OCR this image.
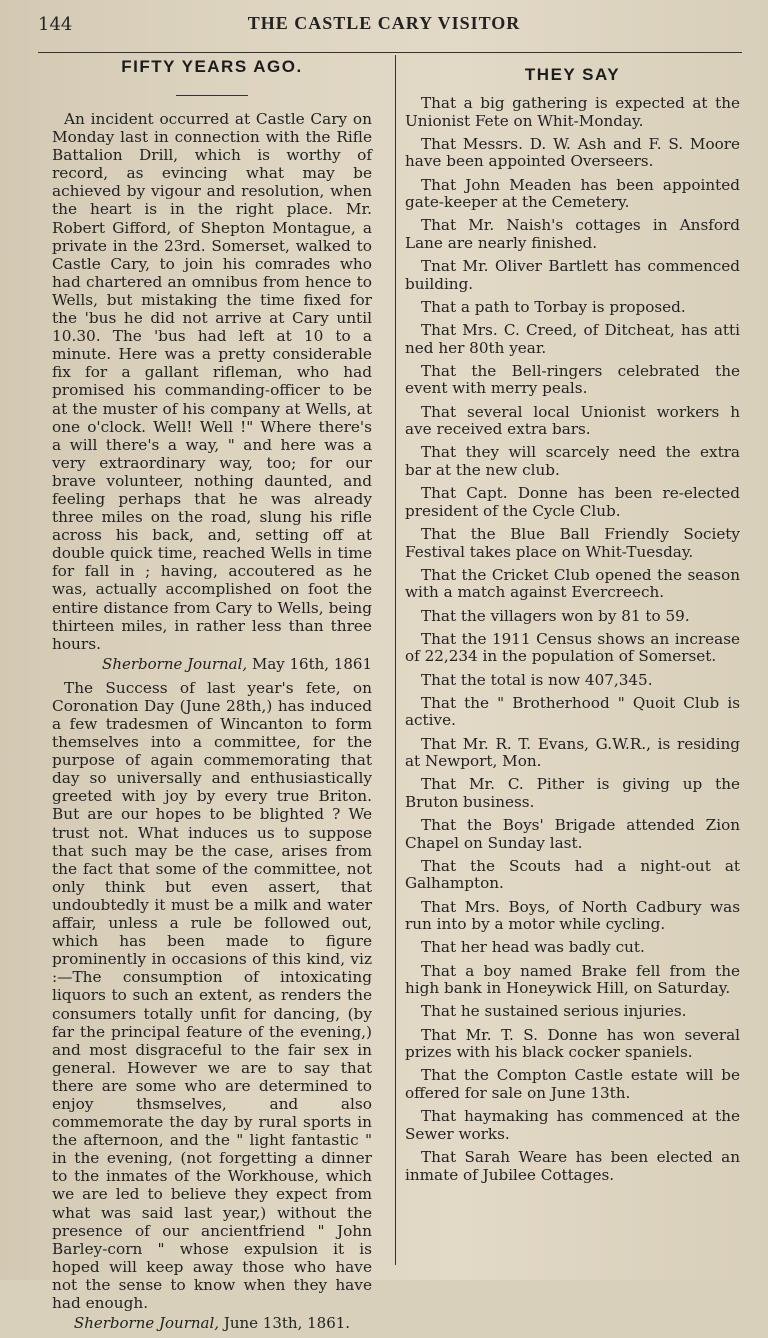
144	THE CASTLE CARY VISITOR
FIFTY YEARS AGO.

An incident occurred at Castle Cary on Monday last in connection with the Rifle Battalion Drill, which is worthy of record, as evincing what may be achieved by vigour and resolution, when the heart is in the right place. Mr. Robert Gifford, of Shepton Montague, a private in the 23rd. Somerset, walked to Castle Cary, to join his comrades who had chartered an omnibus from hence to Wells, but mistaking the time fixed for the 'bus he did not arrive at Cary until 10.30. The 'bus had left at 10 to a minute. Here was a pretty considerable fix for a gallant rifleman, who had promised his commanding-officer to be at the muster of his company at Wells, at one o'clock. Well! Well !" Where there's a will there's a way, " and here was a very extraordinary way, too; for our brave volunteer, nothing daunted, and feeling perhaps that he was already three miles on the road, slung his rifle across his back, and, setting off at double quick time, reached Wells in time for fall in ; having, accoutered as he was, actually accomplished on foot the entire distance from Cary to Wells, being thirteen miles, in rather less than three hours.

Sherborne Journal, May 16th, 1861

The Success of last year's fete, on Coronation Day (June 28th,) has induced a few tradesmen of Wincanton to form themselves into a committee, for the purpose of again commemorating that day so universally and enthusiastically greeted with joy by every true Briton. But are our hopes to be blighted ? We trust not. What induces us to suppose that such may be the case, arises from the fact that some of the committee, not only think but even assert, that undoubtedly it must be a milk and water affair, unless a rule be followed out, which has been made to figure prominently in occasions of this kind, viz :—The consumption of intoxicating liquors to such an extent, as renders the consumers totally unfit for dancing, (by far the principal feature of the evening,) and most disgraceful to the fair sex in general. However we are to say that there are some who are determined to enjoy thsmselves, and also commemorate the day by rural sports in the afternoon, and the " light fantastic " in the evening, (not forgetting a dinner to the inmates of the Workhouse, which we are led to believe they expect from what was said last year,) without the presence of our ancientfriend " John Barley-corn " whose expulsion it is hoped will keep away those who have not the sense to know when they have had enough.

Sherborne Journal, June 13th, 1861.
THEY SAY
That a big gathering is expected at the Unionist Fete on Whit-Monday.
That Messrs. D. W. Ash and F. S. Moore have been appointed Overseers.
That John Meaden has been appointed gate-keeper at the Cemetery.
That Mr. Naish's cottages in Ansford Lane are nearly finished.
Tnat Mr. Oliver Bartlett has commenced building.
That a path to Torbay is proposed.
That Mrs. C. Creed, of Ditcheat, has atti ned her 80th year.
That the Bell-ringers celebrated the event with merry peals.
That several local Unionist workers h ave received extra bars.
That they will scarcely need the extra bar at the new club.
That Capt. Donne has been re-elected president of the Cycle Club.
That the Blue Ball Friendly Society Festival takes place on Whit-Tuesday.
That the Cricket Club opened the season with a match against Evercreech.
That the villagers won by 81 to 59.
That the 1911 Census shows an increase of 22,234 in the population of Somerset.
That the total is now 407,345.
That the " Brotherhood " Quoit Club is active.
That Mr. R. T. Evans, G.W.R., is residing at Newport, Mon.
That Mr. C. Pither is giving up the Bruton business.
That the Boys' Brigade attended Zion Chapel on Sunday last.
That the Scouts had a night-out at Galhampton.
That Mrs. Boys, of North Cadbury was run into by a motor while cycling.
That her head was badly cut.
That a boy named Brake fell from the high bank in Honeywick Hill, on Saturday.
That he sustained serious injuries.
That Mr. T. S. Donne has won several prizes with his black cocker spaniels.
That the Compton Castle estate will be offered for sale on June 13th.
That haymaking has commenced at the Sewer works.
That Sarah Weare has been elected an inmate of Jubilee Cottages.
